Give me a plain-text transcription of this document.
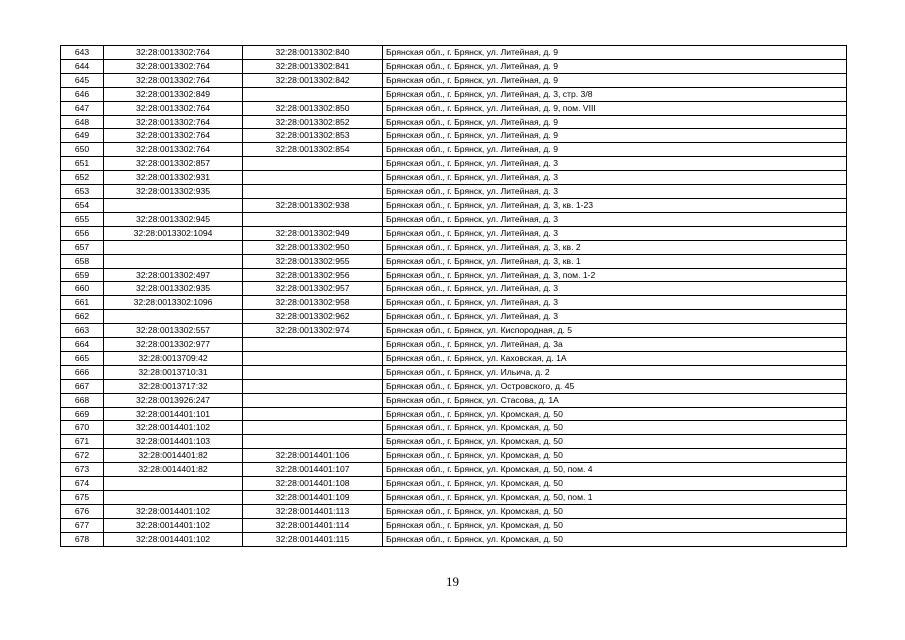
643	32:28:0013302:764	32:28:0013302:840	Брянская обл., г. Брянск, ул. Литейная, д. 9
644	32:28:0013302:764	32:28:0013302:841	Брянская обл., г. Брянск, ул. Литейная, д. 9
645	32:28:0013302:764	32:28:0013302:842	Брянская обл., г. Брянск, ул. Литейная, д. 9
646	32:28:0013302:849		Брянская обл., г. Брянск, ул. Литейная, д. 3, стр. 3/8
647	32:28:0013302:764	32:28:0013302:850	Брянская обл., г. Брянск, ул. Литейная, д. 9, пом. VIII
648	32:28:0013302:764	32:28:0013302:852	Брянская обл., г. Брянск, ул. Литейная, д. 9
649	32:28:0013302:764	32:28:0013302:853	Брянская обл., г. Брянск, ул. Литейная, д. 9
650	32:28:0013302:764	32:28:0013302:854	Брянская обл., г. Брянск, ул. Литейная, д. 9
651	32:28:0013302:857		Брянская обл., г. Брянск, ул. Литейная, д. 3
652	32:28:0013302:931		Брянская обл., г. Брянск, ул. Литейная, д. 3
653	32:28:0013302:935		Брянская обл., г. Брянск, ул. Литейная, д. 3
654		32:28:0013302:938	Брянская обл., г. Брянск, ул. Литейная, д. 3, кв. 1-23
655	32:28:0013302:945		Брянская обл., г. Брянск, ул. Литейная, д. 3
656	32:28:0013302:1094	32:28:0013302:949	Брянская обл., г. Брянск, ул. Литейная, д. 3
657		32:28:0013302:950	Брянская обл., г. Брянск, ул. Литейная, д. 3, кв. 2
658		32:28:0013302:955	Брянская обл., г. Брянск, ул. Литейная, д. 3, кв. 1
659	32:28:0013302:497	32:28:0013302:956	Брянская обл., г. Брянск, ул. Литейная, д. 3, пом. 1-2
660	32:28:0013302:935	32:28:0013302:957	Брянская обл., г. Брянск, ул. Литейная, д. 3
661	32:28:0013302:1096	32:28:0013302:958	Брянская обл., г. Брянск, ул. Литейная, д. 3
662		32:28:0013302:962	Брянская обл., г. Брянск, ул. Литейная, д. 3
663	32:28:0013302:557	32:28:0013302:974	Брянская обл., г. Брянск, ул. Киспородная, д. 5
664	32:28:0013302:977		Брянская обл., г. Брянск, ул. Литейная, д. 3а
665	32:28:0013709:42		Брянская обл., г. Брянск, ул. Каховская, д. 1А
666	32:28:0013710:31		Брянская обл., г. Брянск, ул. Ильича, д. 2
667	32:28:0013717:32		Брянская обл., г. Брянск, ул. Островского, д. 45
668	32:28:0013926:247		Брянская обл., г. Брянск, ул. Стасова, д. 1А
669	32:28:0014401:101		Брянская обл., г. Брянск, ул. Кромская, д. 50
670	32:28:0014401:102		Брянская обл., г. Брянск, ул. Кромская, д. 50
671	32:28:0014401:103		Брянская обл., г. Брянск, ул. Кромская, д. 50
672	32:28:0014401:82	32:28:0014401:106	Брянская обл., г. Брянск, ул. Кромская, д. 50
673	32:28:0014401:82	32:28:0014401:107	Брянская обл., г. Брянск, ул. Кромская, д. 50, пом. 4
674		32:28:0014401:108	Брянская обл., г. Брянск, ул. Кромская, д. 50
675		32:28:0014401:109	Брянская обл., г. Брянск, ул. Кромская, д. 50, пом. 1
676	32:28:0014401:102	32:28:0014401:113	Брянская обл., г. Брянск, ул. Кромская, д. 50
677	32:28:0014401:102	32:28:0014401:114	Брянская обл., г. Брянск, ул. Кромская, д. 50
678	32:28:0014401:102	32:28:0014401:115	Брянская обл., г. Брянск, ул. Кромская, д. 50
19
